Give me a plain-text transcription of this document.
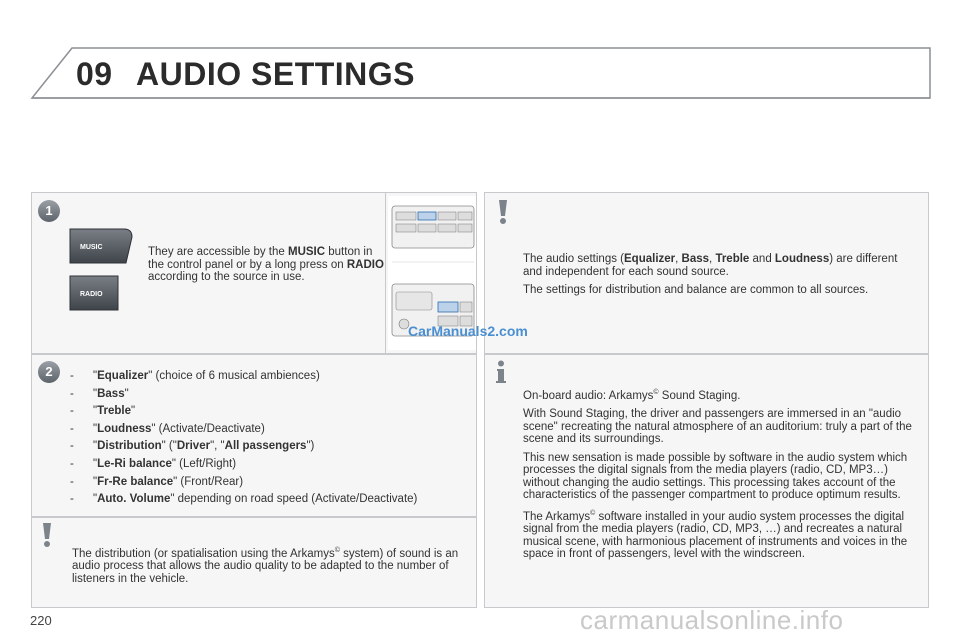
09 AUDIO SETTINGS
1
MUSIC
RADIO
They are accessible by the MUSIC button in the control panel or by a long press on RADIO according to the source in use.
2	- "Equalizer" (choice of 6 musical ambiences)
- "Bass"
- "Treble"
- "Loudness" (Activate/Deactivate)
- "Distribution" ("Driver", "All passengers")
- "Le-Ri balance" (Left/Right)
- "Fr-Re balance" (Front/Rear)
- "Auto. Volume" depending on road speed (Activate/Deactivate)
The distribution (or spatialisation using the Arkamys© system) of sound is an audio process that allows the audio quality to be adapted to the number of listeners in the vehicle.

The audio settings (Equalizer, Bass, Treble and Loudness) are different and independent for each sound source.

The settings for distribution and balance are common to all sources.

On-board audio: Arkamys© Sound Staging.

With Sound Staging, the driver and passengers are immersed in an "audio scene" recreating the natural atmosphere of an auditorium: truly a part of the scene and its surroundings.

This new sensation is made possible by software in the audio system which processes the digital signals from the media players (radio, CD, MP3…) without changing the audio settings. This processing takes account of the characteristics of the passenger compartment to produce optimum results.

The Arkamys© software installed in your audio system processes the digital signal from the media players (radio, CD, MP3, …) and recreates a natural musical scene, with harmonious placement of instruments and voices in the space in front of passengers, level with the windscreen.

CarManuals2.com
220	carmanualsonline.info
